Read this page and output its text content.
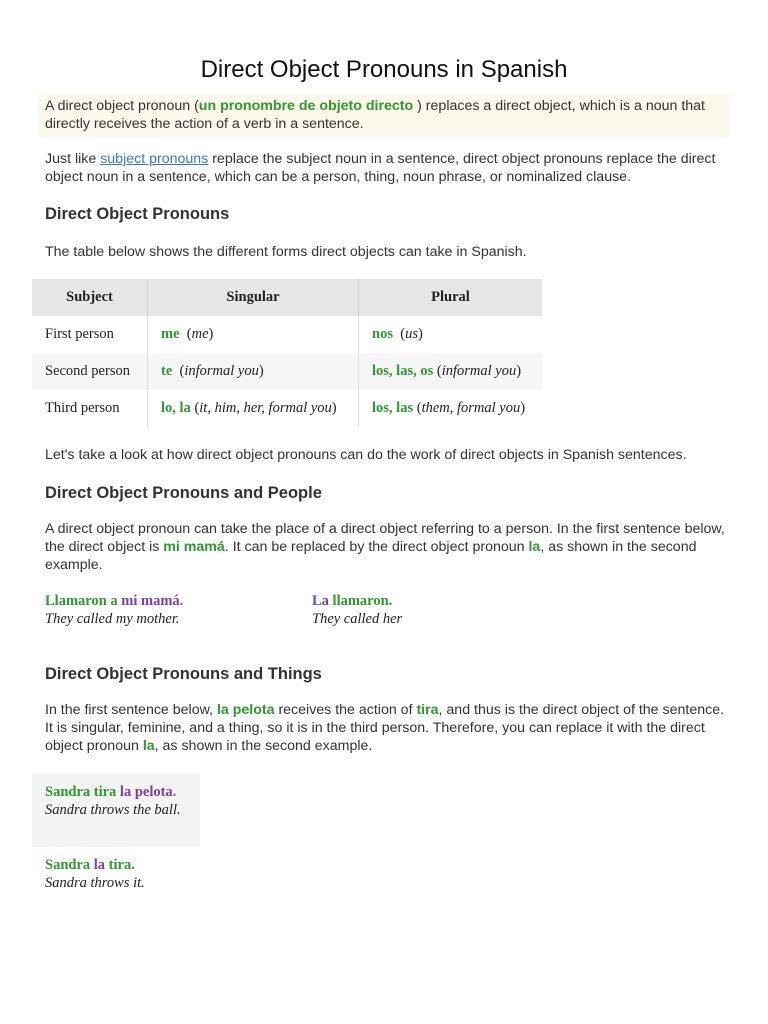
Direct Object Pronouns in Spanish

A direct object pronoun (un pronombre de objeto directo ) replaces a direct object, which is a noun that directly receives the action of a verb in a sentence.

Just like subject pronouns replace the subject noun in a sentence, direct object pronouns replace the direct object noun in a sentence, which can be a person, thing, noun phrase, or nominalized clause.

Direct Object Pronouns

The table below shows the different forms direct objects can take in Spanish.

Subject	Singular	Plural
First person	me  (me)	nos  (us)
Second person	te  (informal you)	los, las, os (informal you)
Third person	lo, la (it, him, her, formal you)	los, las (them, formal you)

Let's take a look at how direct object pronouns can do the work of direct objects in Spanish sentences.

Direct Object Pronouns and People

A direct object pronoun can take the place of a direct object referring to a person. In the first sentence below, the direct object is mi mamá. It can be replaced by the direct object pronoun la, as shown in the second example.

Llamaron a mi mamá.
They called my mother.
La llamaron.
They called her
Direct Object Pronouns and Things

In the first sentence below, la pelota receives the action of tira, and thus is the direct object of the sentence. It is singular, feminine, and a thing, so it is in the third person. Therefore, you can replace it with the direct object pronoun la, as shown in the second example.

Sandra tira la pelota.
Sandra throws the ball.
Sandra la tira.
Sandra throws it.
